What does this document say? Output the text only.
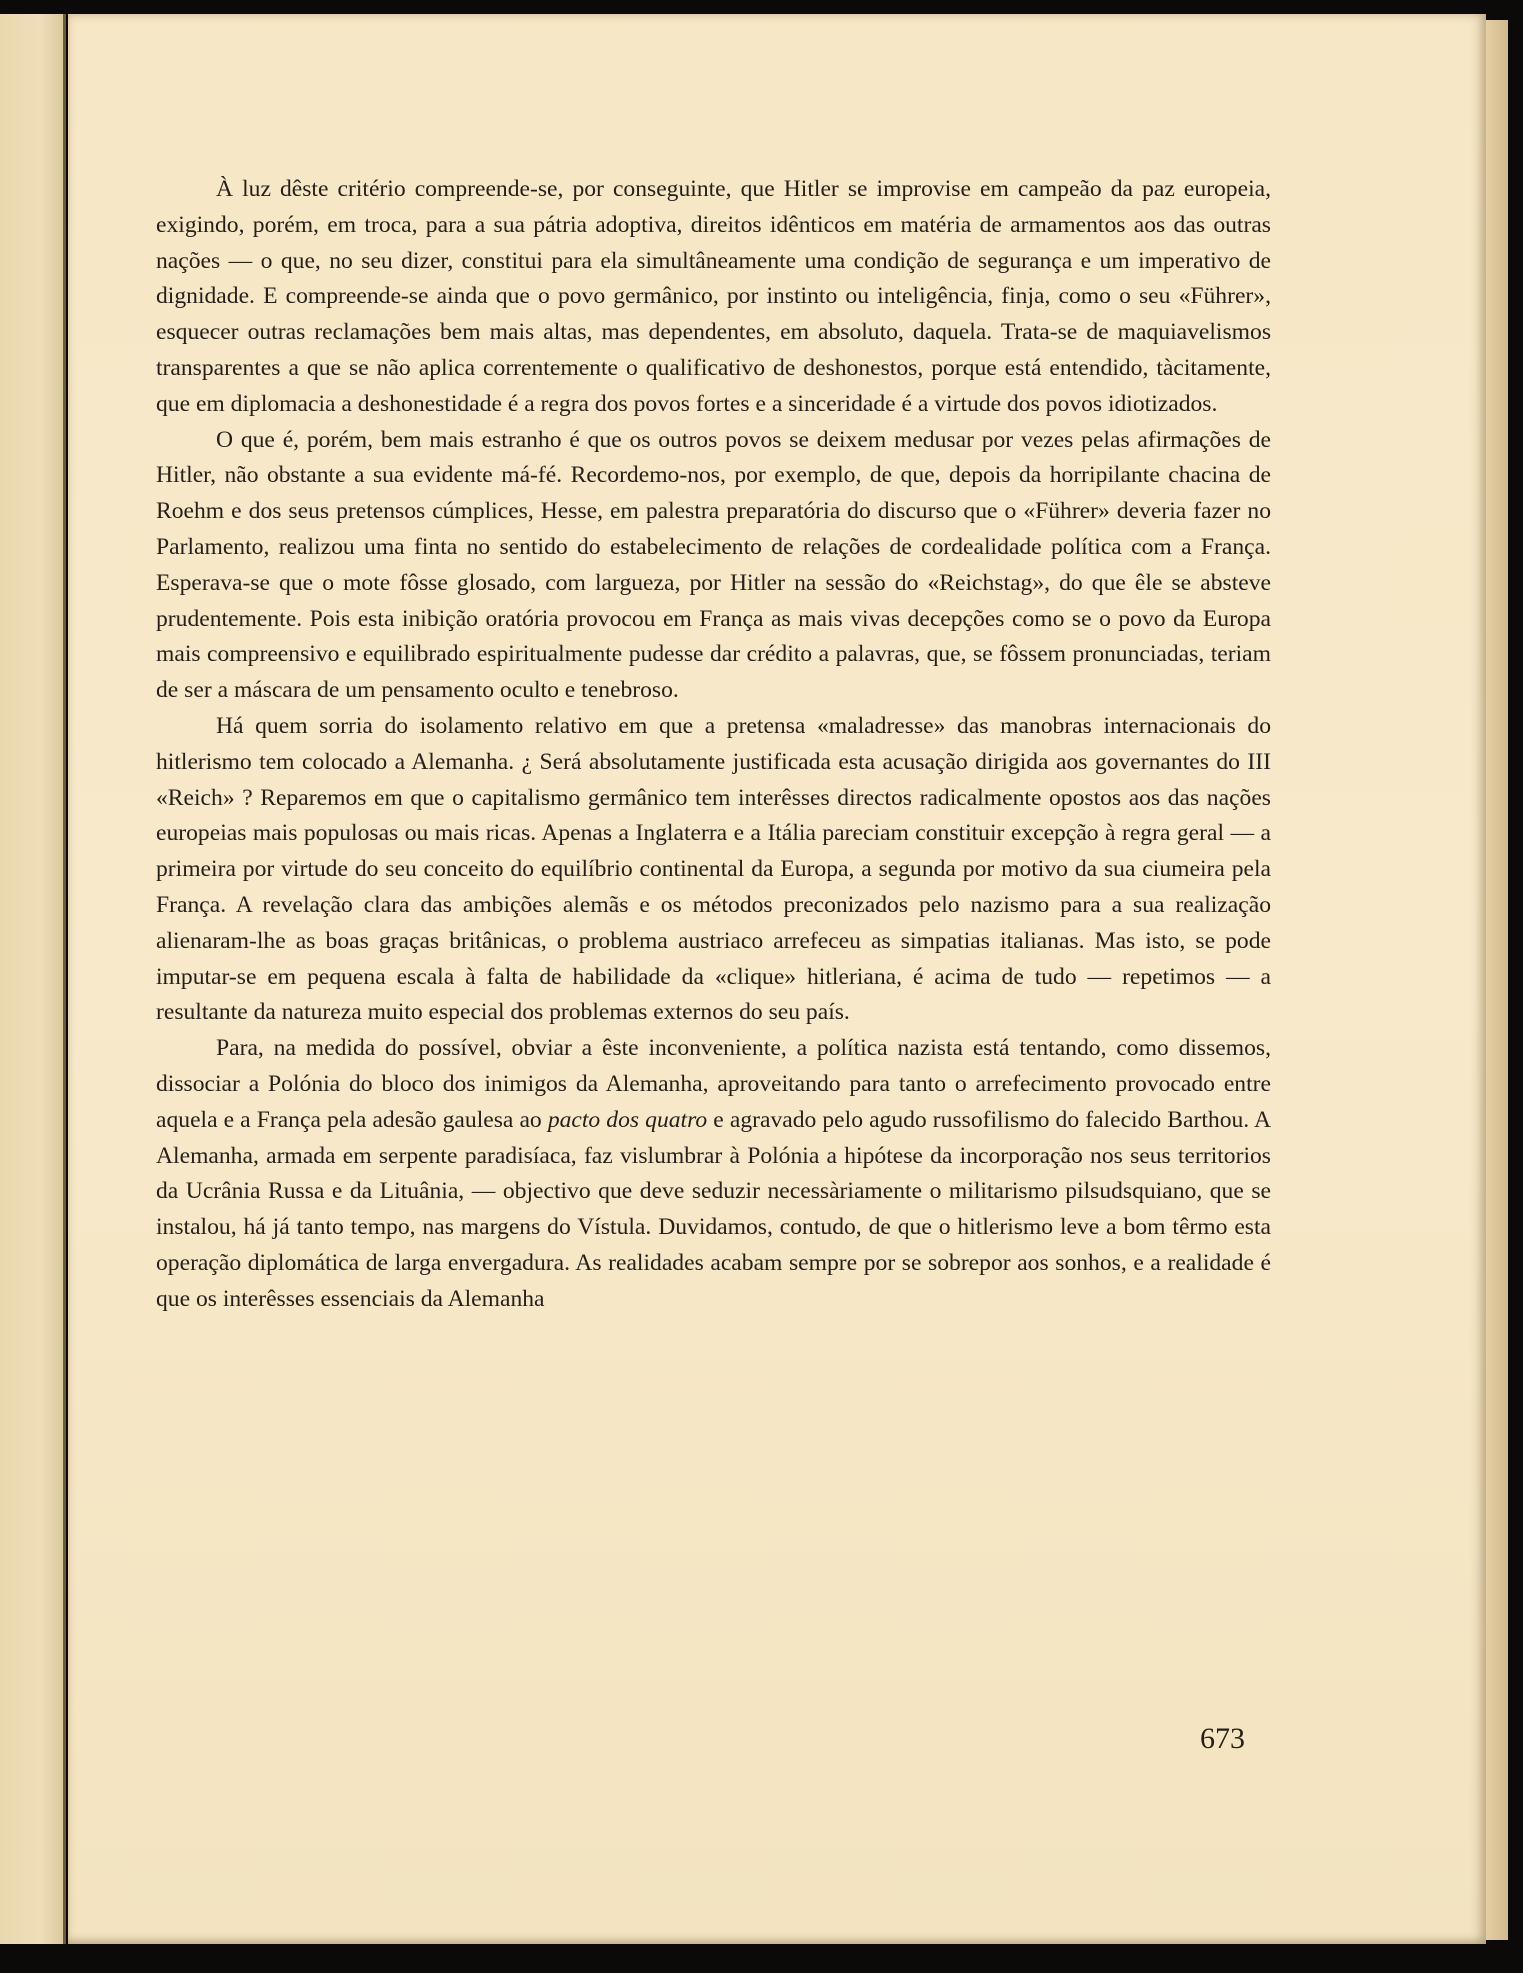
À luz dêste critério compreende-se, por conseguinte, que Hitler se improvise em campeão da paz europeia, exigindo, porém, em troca, para a sua pátria adoptiva, direitos idênticos em matéria de armamentos aos das outras nações — o que, no seu dizer, constitui para ela simultâneamente uma condição de segurança e um imperativo de dignidade. E compreende-se ainda que o povo germânico, por instinto ou inteligência, finja, como o seu «Führer», esquecer outras reclamações bem mais altas, mas dependentes, em absoluto, daquela. Trata-se de maquiavelismos transparentes a que se não aplica correntemente o qualificativo de deshonestos, porque está entendido, tàcitamente, que em diplomacia a deshonestidade é a regra dos povos fortes e a sinceridade é a virtude dos povos idiotizados.

O que é, porém, bem mais estranho é que os outros povos se deixem medusar por vezes pelas afirmações de Hitler, não obstante a sua evidente má-fé. Recordemo-nos, por exemplo, de que, depois da horripilante chacina de Roehm e dos seus pretensos cúmplices, Hesse, em palestra preparatória do discurso que o «Führer» deveria fazer no Parlamento, realizou uma finta no sentido do estabelecimento de relações de cordealidade política com a França. Esperava-se que o mote fôsse glosado, com largueza, por Hitler na sessão do «Reichstag», do que êle se absteve prudentemente. Pois esta inibição oratória provocou em França as mais vivas decepções como se o povo da Europa mais compreensivo e equilibrado espiritualmente pudesse dar crédito a palavras, que, se fôssem pronunciadas, teriam de ser a máscara de um pensamento oculto e tenebroso.

Há quem sorria do isolamento relativo em que a pretensa «maladresse» das manobras internacionais do hitlerismo tem colocado a Alemanha. ¿ Será absolutamente justificada esta acusação dirigida aos governantes do III «Reich» ? Reparemos em que o capitalismo germânico tem interêsses directos radicalmente opostos aos das nações europeias mais populosas ou mais ricas. Apenas a Inglaterra e a Itália pareciam constituir excepção à regra geral — a primeira por virtude do seu conceito do equilíbrio continental da Europa, a segunda por motivo da sua ciumeira pela França. A revelação clara das ambições alemãs e os métodos preconizados pelo nazismo para a sua realização alienaram-lhe as boas graças britânicas, o problema austriaco arrefeceu as simpatias italianas. Mas isto, se pode imputar-se em pequena escala à falta de habilidade da «clique» hitleriana, é acima de tudo — repetimos — a resultante da natureza muito especial dos problemas externos do seu país.

Para, na medida do possível, obviar a êste inconveniente, a política nazista está tentando, como dissemos, dissociar a Polónia do bloco dos inimigos da Alemanha, aproveitando para tanto o arrefecimento provocado entre aquela e a França pela adesão gaulesa ao pacto dos quatro e agravado pelo agudo russofilismo do falecido Barthou. A Alemanha, armada em serpente paradisíaca, faz vislumbrar à Polónia a hipótese da incorporação nos seus territorios da Ucrânia Russa e da Lituânia, — objectivo que deve seduzir necessàriamente o militarismo pilsudsquiano, que se instalou, há já tanto tempo, nas margens do Vístula. Duvidamos, contudo, de que o hitlerismo leve a bom têrmo esta operação diplomática de larga envergadura. As realidades acabam sempre por se sobrepor aos sonhos, e a realidade é que os interêsses essenciais da Alemanha

673
